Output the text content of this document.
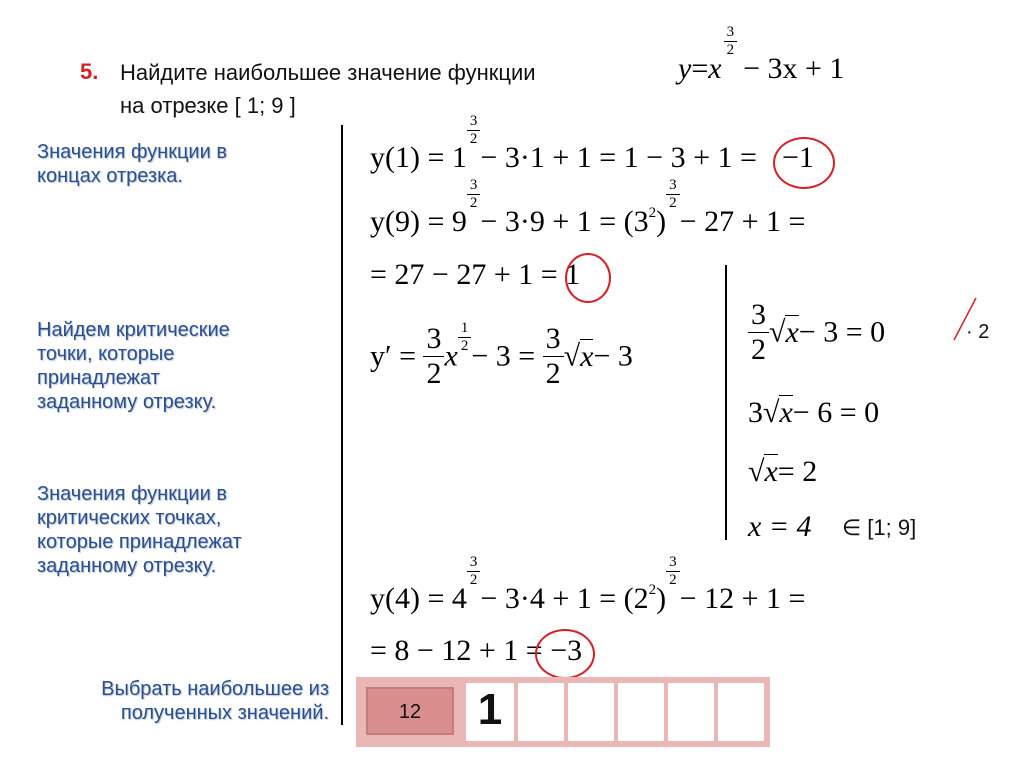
5. Найдите наибольшее значение функции
на отрезке [ 1; 9 ]
y=x
$\frac{3}{2}$
− 3x + 1
Значения функции в
концах отрезка.
Найдем критические
точки, которые
принадлежат
заданному отрезку.
Значения функции в
критических точках,
которые принадлежат
заданному отрезку.
Выбрать наибольшее из
полученных значений.
y(1) = 1
$\frac{3}{2}$
− 3·1 + 1 = 1 − 3 + 1 = −1
y(9) = 9
$\frac{3}{2}$
− $3\cdot 9 + 1 = (3^2)$
$\frac{3}{2}$
− 27 + 1 =
= 27 − 27 + 1 = 1
$y' = \frac{3}{2}$ x
$\frac{1}{2}$
− $3 = \frac{3}{2} √x- 3$	$\frac{3}{2} √x- 3 = 0$	· 2
3√x− 6 = 0
√x= 2
x = 4 ∈ [1; 9]
y(4) = 4
$\frac{3}{2}$
− $3\cdot 4 + 1 = (2^2)$
$\frac{3}{2}$
− 12 + 1 =
= 8 − 12 + 1 = −3
12	1
